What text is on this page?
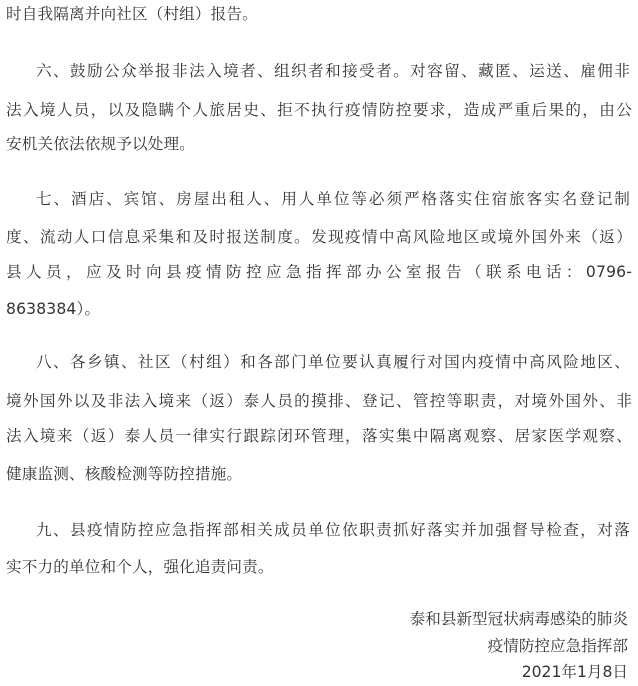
时自我隔离并向社区（村组）报告。
六、鼓励公众举报非法入境者、组织者和接受者。对容留、藏匿、运送、雇佣非
法入境人员，以及隐瞒个人旅居史、拒不执行疫情防控要求，造成严重后果的，由公
安机关依法依规予以处理。
七、酒店、宾馆、房屋出租人、用人单位等必须严格落实住宿旅客实名登记制
度、流动人口信息采集和及时报送制度。发现疫情中高风险地区或境外国外来（返）
县人员，应及时向县疫情防控应急指挥部办公室报告（联系电话：0796-
8638384）。
八、各乡镇、社区（村组）和各部门单位要认真履行对国内疫情中高风险地区、
境外国外以及非法入境来（返）泰人员的摸排、登记、管控等职责，对境外国外、非
法入境来（返）泰人员一律实行跟踪闭环管理，落实集中隔离观察、居家医学观察、
健康监测、核酸检测等防控措施。
九、县疫情防控应急指挥部相关成员单位依职责抓好落实并加强督导检查，对落
实不力的单位和个人，强化追责问责。
泰和县新型冠状病毒感染的肺炎
疫情防控应急指挥部
2021年1月8日
